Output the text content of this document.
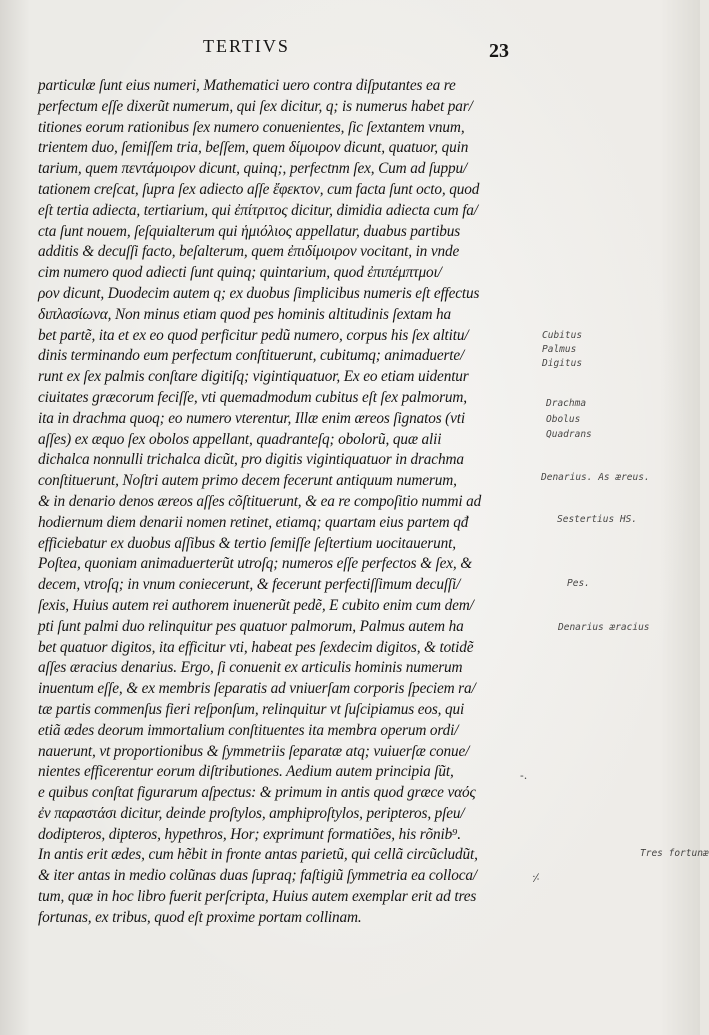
TERTIVS	23
particulæ ſunt eius numeri, Mathematici uero contra diſputantes ea re
perfectum eſſe dixerũt numerum, qui ſex dicitur, q; is numerus habet par/
titiones eorum rationibus ſex numero conuenientes, ſic ſextantem vnum,
trientem duo, ſemiſſem tria, beſſem, quem δίμοιρον dicunt, quatuor, quin
tarium, quem πεντάμοιρον dicunt, quinq;, perfectnm ſex, Cum ad ſuppu/
tationem creſcat, ſupra ſex adiecto aſſe ἔφεκτον, cum facta ſunt octo, quod
eſt tertia adiecta, tertiarium, qui ἐπίτριτος dicitur, dimidia adiecta cum fa/
cta ſunt nouem, ſeſquialterum qui ἡμιόλιος appellatur, duabus partibus
additis & decuſſi facto, beſalterum, quem ἐπιδίμοιρον vocitant, in vnde
cim numero quod adiecti ſunt quinq; quintarium, quod ἐπιπέμπτμοι/
ρον dicunt, Duodecim autem q; ex duobus ſimplicibus numeris eſt effectus
διπλασίωνα, Non minus etiam quod pes hominis altitudinis ſextam ha
bet partẽ, ita et ex eo quod perficitur pedũ numero, corpus his ſex altitu/
dinis terminando eum perfectum conſtituerunt, cubitumq; animaduerte/
runt ex ſex palmis conſtare digitiſq; vigintiquatuor, Ex eo etiam uidentur
ciuitates græcorum feciſſe, vti quemadmodum cubitus eſt ſex palmorum,
ita in drachma quoq; eo numero vterentur, Illæ enim æreos ſignatos (vti
aſſes) ex æquo ſex obolos appellant, quadranteſq; obolorũ, quæ alii
dichalca nonnulli trichalca dicũt, pro digitis vigintiquatuor in drachma
conſtituerunt, Noſtri autem primo decem fecerunt antiquum numerum,
& in denario denos æreos aſſes cõſtituerunt, & ea re compoſitio nummi ad
hodiernum diem denarii nomen retinet, etiamq; quartam eius partem qđ
efficiebatur ex duobus aſſibus & tertio ſemiſſe ſeſtertium uocitauerunt,
Poſtea, quoniam animaduerterũt utroſq; numeros eſſe perfectos & ſex, &
decem, vtroſq; in vnum coniecerunt, & fecerunt perfectiſſimum decuſſi/
ſexis, Huius autem rei authorem inuenerũt pedẽ, E cubito enim cum dem/
pti ſunt palmi duo relinquitur pes quatuor palmorum, Palmus autem ha
bet quatuor digitos, ita efficitur vti, habeat pes ſexdecim digitos, & totidẽ
aſſes æracius denarius. Ergo, ſi conuenit ex articulis hominis numerum
inuentum eſſe, & ex membris ſeparatis ad vniuerſam corporis ſpeciem ra/
tæ partis commenſus fieri reſponſum, relinquitur vt ſuſcipiamus eos, qui
etiã ædes deorum immortalium conſtituentes ita membra operum ordi/
nauerunt, vt proportionibus & ſymmetriis ſeparatæ atq; vuiuerſæ conue/
nientes efficerentur eorum diſtributiones. Aedium autem principia ſũt,
e quibus conſtat figurarum aſpectus: & primum in antis quod græce ναός
ἐν παραστάσι dicitur, deinde proſtylos, amphiproſtylos, peripteros, pſeu/
dodipteros, dipteros, hypethros, Hor; exprimunt formatiões, his rõnib⁹.
In antis erit ædes, cum hẽbit in fronte antas parietũ, qui cellã circũcludũt,
& iter antas in medio colũnas duas ſupraq; faſtigiũ ſymmetria ea colloca/
tum, quæ in hoc libro fuerit perſcripta, Huius autem exemplar erit ad tres
fortunas, ex tribus, quod eſt proxime portam collinam.
Cubitus
Palmus
Digitus
Drachma
Obolus
Quadrans
Denarius. As æreus.
Sestertius HS.
Pes.
Denarius æracius
Tres fortunæ
-.
⸓
